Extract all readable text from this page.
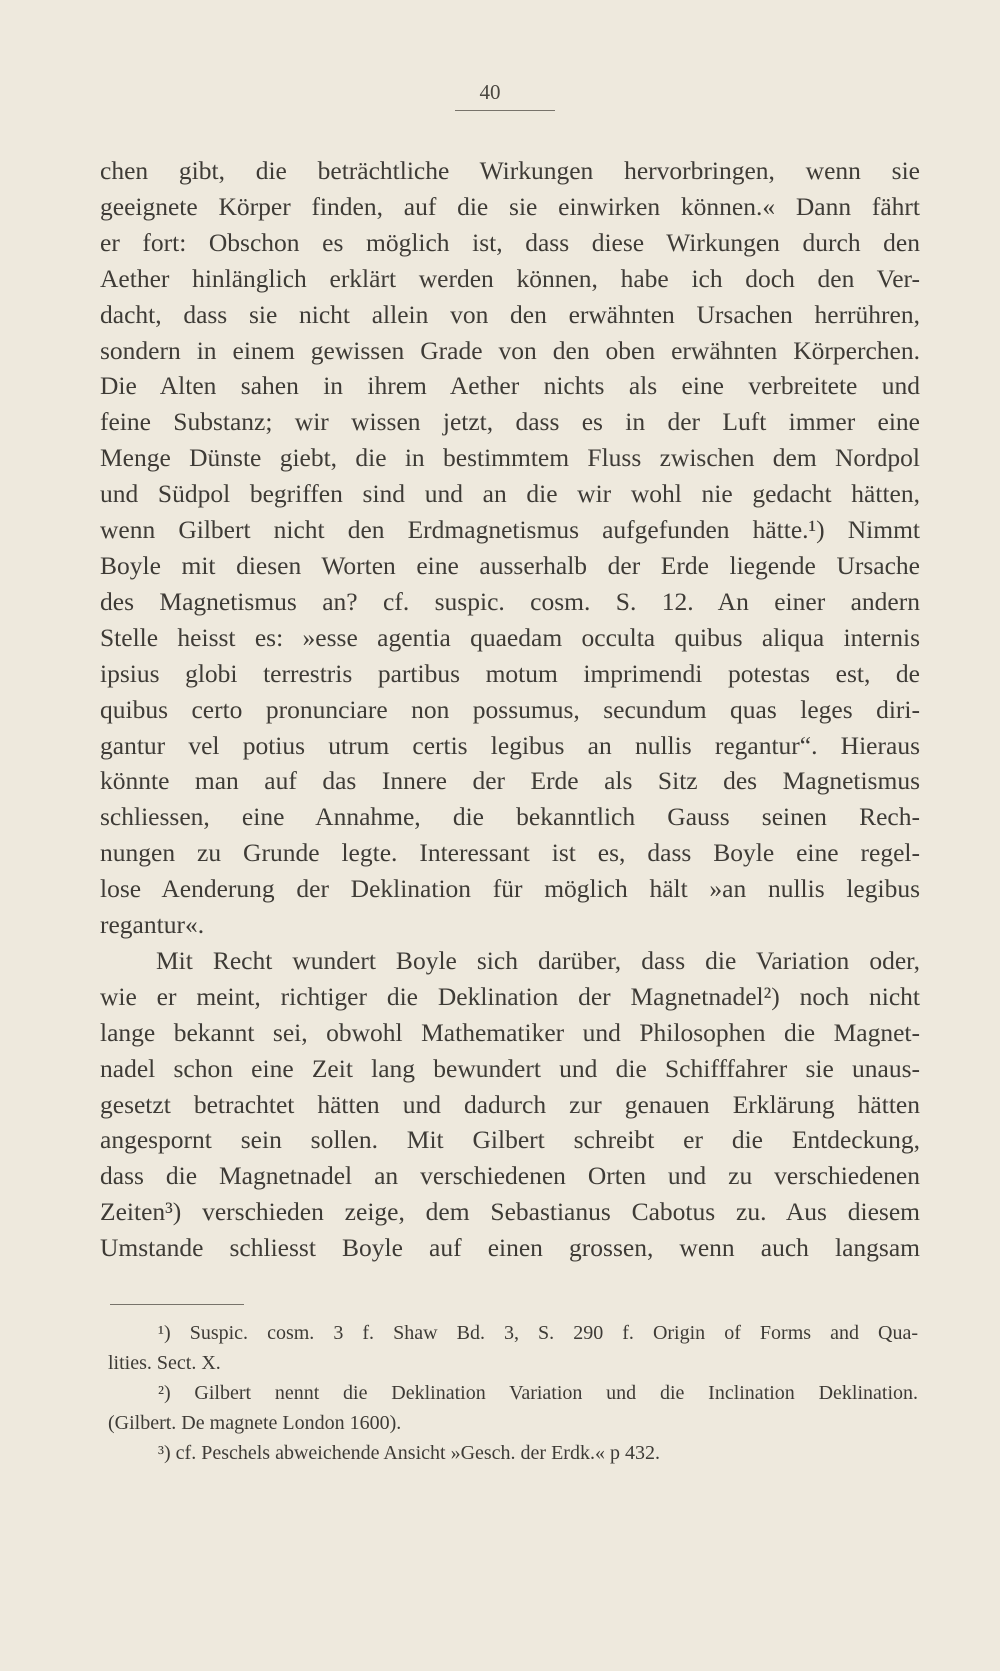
40

chen gibt, die beträchtliche Wirkungen hervorbringen, wenn sie
geeignete Körper finden, auf die sie einwirken können.« Dann fährt
er fort: Obschon es möglich ist, dass diese Wirkungen durch den
Aether hinlänglich erklärt werden können, habe ich doch den Ver-
dacht, dass sie nicht allein von den erwähnten Ursachen herrühren,
sondern in einem gewissen Grade von den oben erwähnten Körperchen.
Die Alten sahen in ihrem Aether nichts als eine verbreitete und
feine Substanz; wir wissen jetzt, dass es in der Luft immer eine
Menge Dünste giebt, die in bestimmtem Fluss zwischen dem Nordpol
und Südpol begriffen sind und an die wir wohl nie gedacht hätten,
wenn Gilbert nicht den Erdmagnetismus aufgefunden hätte.¹) Nimmt
Boyle mit diesen Worten eine ausserhalb der Erde liegende Ursache
des Magnetismus an? cf. suspic. cosm. S. 12. An einer andern
Stelle heisst es: »esse agentia quaedam occulta quibus aliqua internis
ipsius globi terrestris partibus motum imprimendi potestas est, de
quibus certo pronunciare non possumus, secundum quas leges diri-
gantur vel potius utrum certis legibus an nullis regantur“. Hieraus
könnte man auf das Innere der Erde als Sitz des Magnetismus
schliessen, eine Annahme, die bekanntlich Gauss seinen Rech-
nungen zu Grunde legte. Interessant ist es, dass Boyle eine regel-
lose Aenderung der Deklination für möglich hält »an nullis legibus
regantur«.

Mit Recht wundert Boyle sich darüber, dass die Variation oder,
wie er meint, richtiger die Deklination der Magnetnadel²) noch nicht
lange bekannt sei, obwohl Mathematiker und Philosophen die Magnet-
nadel schon eine Zeit lang bewundert und die Schifffahrer sie unaus-
gesetzt betrachtet hätten und dadurch zur genauen Erklärung hätten
angespornt sein sollen. Mit Gilbert schreibt er die Entdeckung,
dass die Magnetnadel an verschiedenen Orten und zu verschiedenen
Zeiten³) verschieden zeige, dem Sebastianus Cabotus zu. Aus diesem
Umstande schliesst Boyle auf einen grossen, wenn auch langsam

¹) Suspic. cosm. 3 f. Shaw Bd. 3, S. 290 f. Origin of Forms and Qua-
lities. Sect. X.

²) Gilbert nennt die Deklination Variation und die Inclination Deklination.
(Gilbert. De magnete London 1600).

³) cf. Peschels abweichende Ansicht »Gesch. der Erdk.« p 432.
